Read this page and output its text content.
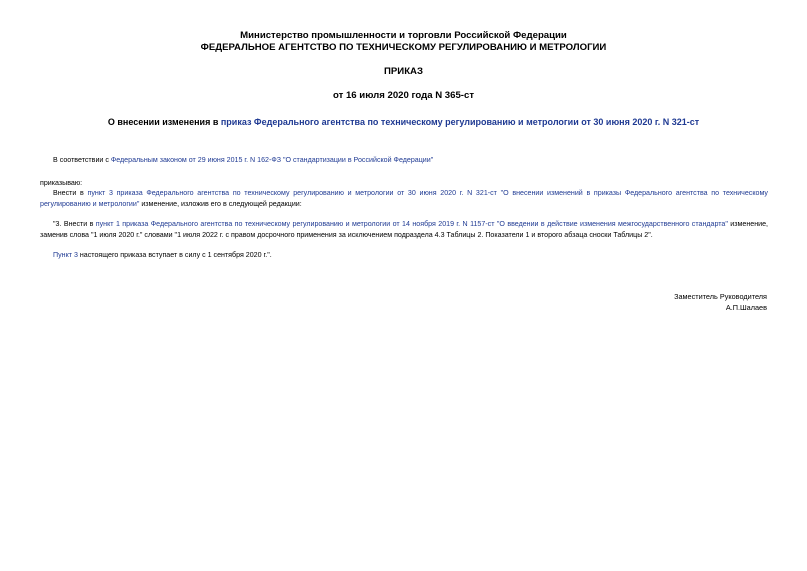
Министерство промышленности и торговли Российской Федерации
ФЕДЕРАЛЬНОЕ АГЕНТСТВО ПО ТЕХНИЧЕСКОМУ РЕГУЛИРОВАНИЮ И МЕТРОЛОГИИ
ПРИКАЗ
от 16 июля 2020 года N 365-ст
О внесении изменения в приказ Федерального агентства по техническому регулированию и метрологии от 30 июня 2020 г. N 321-ст
В соответствии с Федеральным законом от 29 июня 2015 г. N 162-ФЗ "О стандартизации в Российской Федерации"
приказываю:
Внести в пункт 3 приказа Федерального агентства по техническому регулированию и метрологии от 30 июня 2020 г. N 321-ст "О внесении изменений в приказы Федерального агентства по техническому регулированию и метрологии" изменение, изложив его в следующей редакции:
"3. Внести в пункт 1 приказа Федерального агентства по техническому регулированию и метрологии от 14 ноября 2019 г. N 1157-ст "О введении в действие изменения межгосударственного стандарта" изменение, заменив слова "1 июля 2020 г." словами "1 июля 2022 г. с правом досрочного применения за исключением подраздела 4.3 Таблицы 2. Показатели 1 и второго абзаца сноски Таблицы 2".
Пункт 3 настоящего приказа вступает в силу с 1 сентября 2020 г.".
Заместитель Руководителя
А.П.Шалаев
